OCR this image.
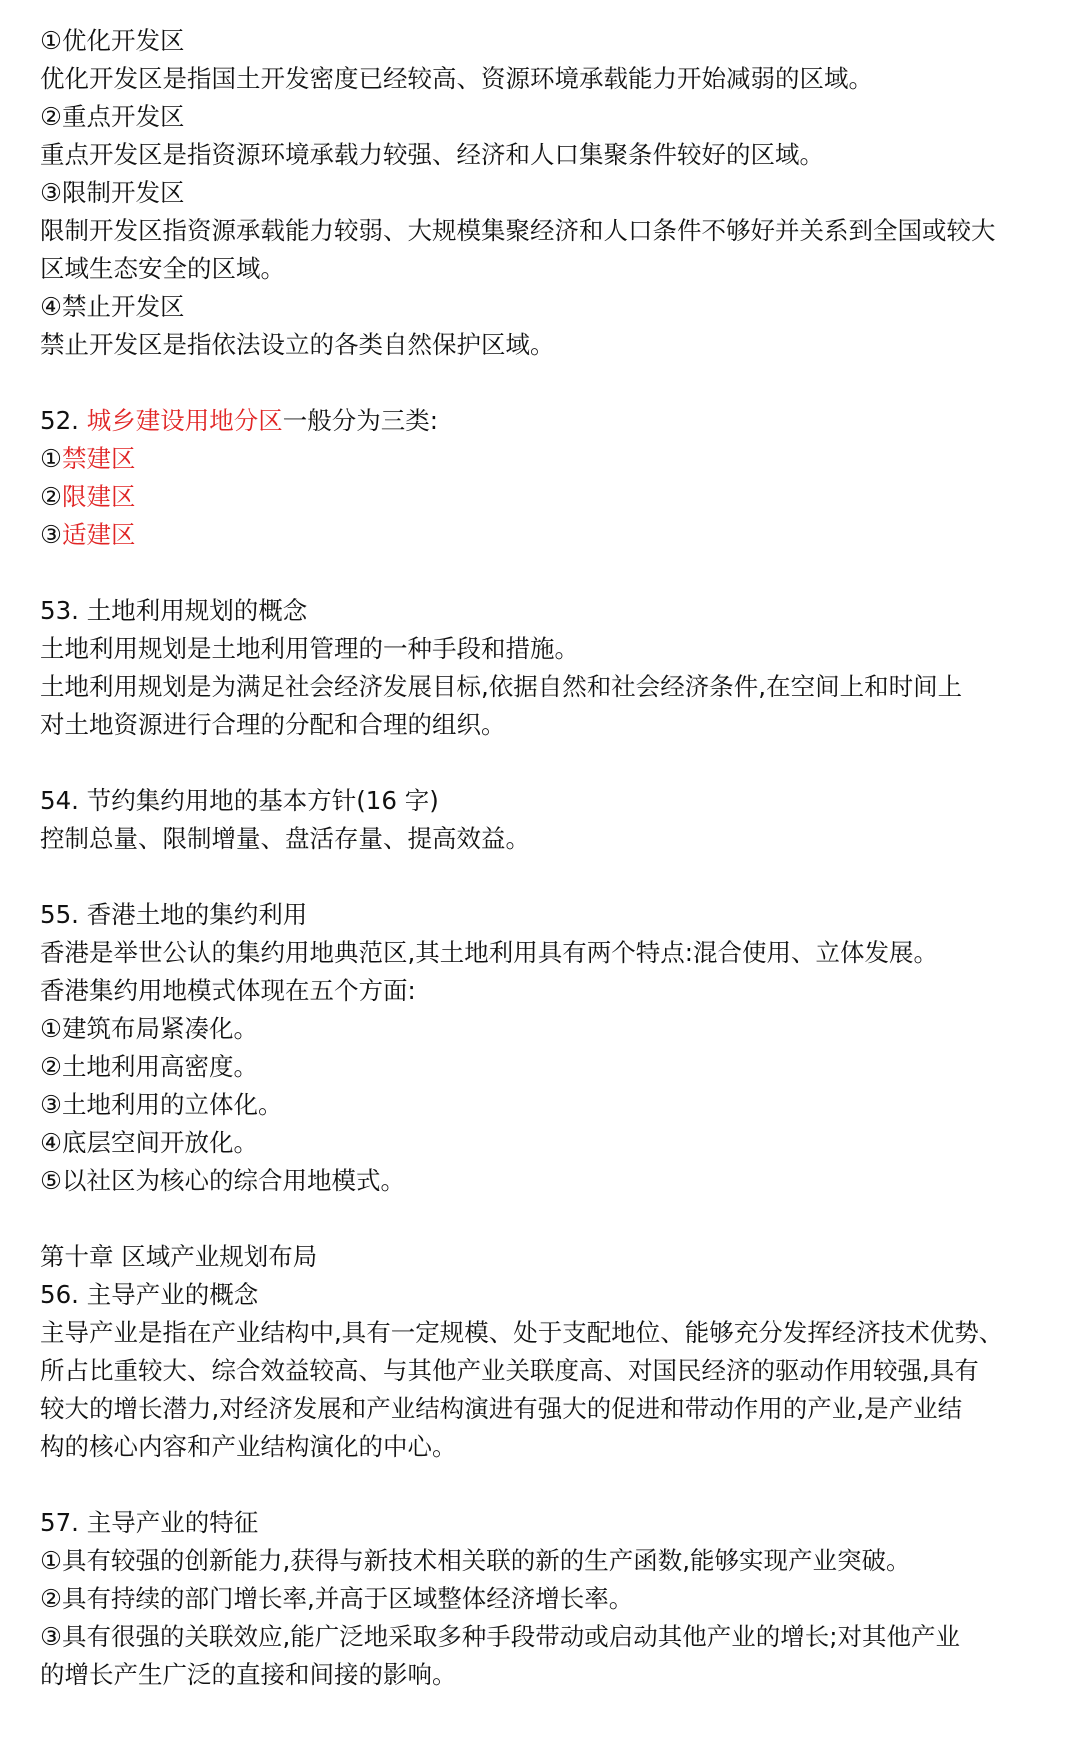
①优化开发区

优化开发区是指国土开发密度已经较高、资源环境承载能力开始减弱的区域。

②重点开发区

重点开发区是指资源环境承载力较强、经济和人口集聚条件较好的区域。

③限制开发区

限制开发区指资源承载能力较弱、大规模集聚经济和人口条件不够好并关系到全国或较大

区域生态安全的区域。

④禁止开发区

禁止开发区是指依法设立的各类自然保护区域。

52. 城乡建设用地分区一般分为三类:

①禁建区

②限建区

③适建区

53. 土地利用规划的概念

土地利用规划是土地利用管理的一种手段和措施。

土地利用规划是为满足社会经济发展目标,依据自然和社会经济条件,在空间上和时间上

对土地资源进行合理的分配和合理的组织。

54. 节约集约用地的基本方针(16 字)

控制总量、限制增量、盘活存量、提高效益。

55. 香港土地的集约利用

香港是举世公认的集约用地典范区,其土地利用具有两个特点:混合使用、立体发展。

香港集约用地模式体现在五个方面:

①建筑布局紧凑化。

②土地利用高密度。

③土地利用的立体化。

④底层空间开放化。

⑤以社区为核心的综合用地模式。

第十章 区域产业规划布局

56. 主导产业的概念

主导产业是指在产业结构中,具有一定规模、处于支配地位、能够充分发挥经济技术优势、

所占比重较大、综合效益较高、与其他产业关联度高、对国民经济的驱动作用较强,具有

较大的增长潜力,对经济发展和产业结构演进有强大的促进和带动作用的产业,是产业结

构的核心内容和产业结构演化的中心。

57. 主导产业的特征

①具有较强的创新能力,获得与新技术相关联的新的生产函数,能够实现产业突破。

②具有持续的部门增长率,并高于区域整体经济增长率。

③具有很强的关联效应,能广泛地采取多种手段带动或启动其他产业的增长;对其他产业

的增长产生广泛的直接和间接的影响。
